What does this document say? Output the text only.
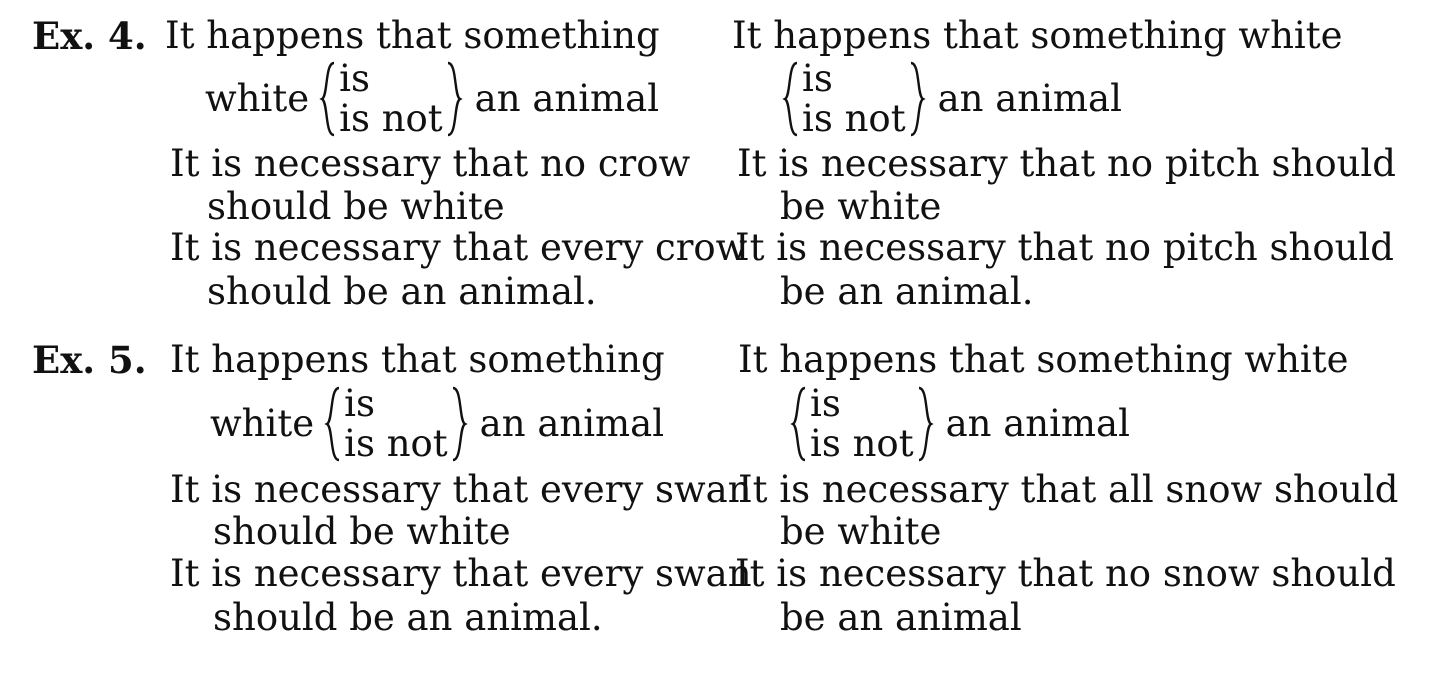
Ex. 4. It happens that something
white is
is not an animal
It is necessary that no crow
should be white
It is necessary that every crow
should be an animal.
It happens that something white
is
is not an animal
It is necessary that no pitch should
be white
It is necessary that no pitch should
be an animal.
Ex. 5. It happens that something
white is
is not an animal
It is necessary that every swan
should be white
It is necessary that every swan
should be an animal.
It happens that something white
is
is not an animal
It is necessary that all snow should
be white
It is necessary that no snow should
be an animal
